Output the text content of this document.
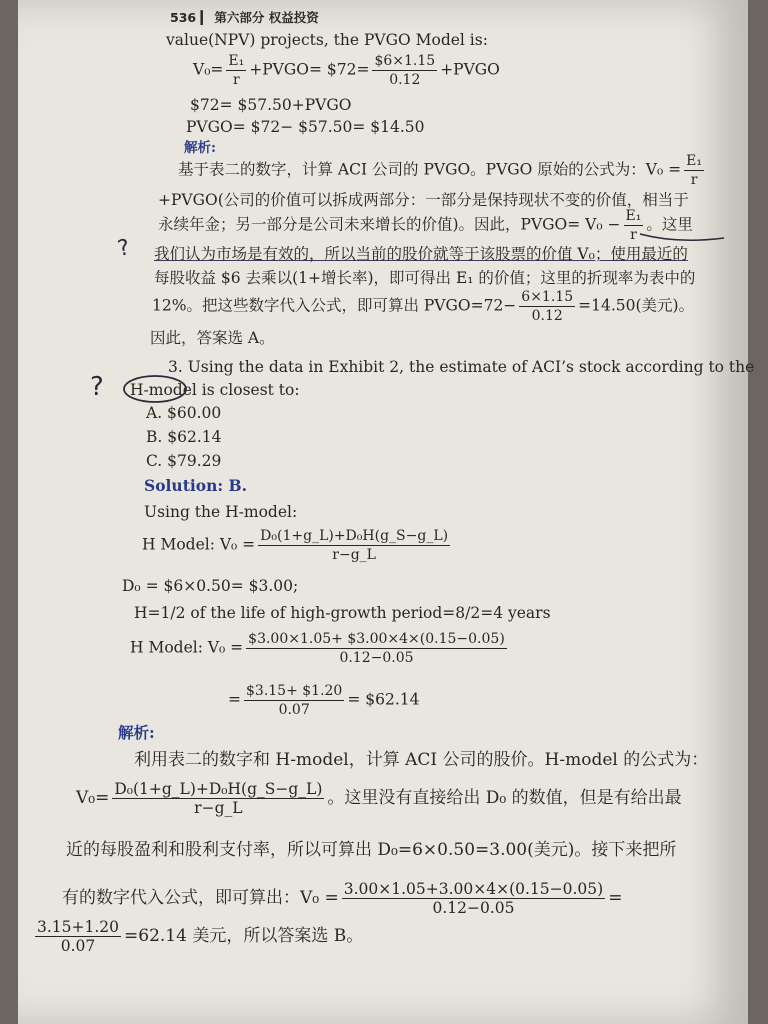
536 ▎ 第六部分 权益投资
value(NPV) projects, the PVGO Model is:
$V_0= \frac{\text{E₁}}{r}$ +PVGO= $72= $\frac{\$6\times 1.15}{0.12}$ +PVGO
$72= $57.50+PVGO
PVGO= $72− $57.50= $14.50
解析:
基于表二的数字，计算 ACI 公司的 PVGO。PVGO 原始的公式为：$V_0 = \frac{\text{E₁}}{r}$
+PVGO(公司的价值可以拆成两部分：一部分是保持现状不变的价值，相当于
永续年金；另一部分是公司未来增长的价值)。因此，PVGO= $V_0 - \frac{\text{E₁}}{r}$ 。这里
我们认为市场是有效的，所以当前的股价就等于该股票的价值 V₀；使用最近的
每股收益 $6 去乘以(1+增长率)，即可得出 E₁ 的价值；这里的折现率为表中的
12%。把这些数字代入公式，即可算出 PVGO=72− $\frac{6\times 1.15}{0.12} =14.50$(美元)。
因此，答案选 A。
3. Using the data in Exhibit 2, the estimate of ACI’s stock according to the
H-model is closest to:
A. $60.00
B. $62.14
C. $79.29
Solution: B.
Using the H-model:
H Model: $V_0 = \frac{\text{D₀(1+g\_L)+D₀H(g\_S−g\_L)}}{r-g\_L}$
D₀ = $6×0.50= $3.00;
H=1/2 of the life of high-growth period=8/2=4 years
H Model: $V_0 = \frac{\$3.00\times 1.05+ \$3.00\times 4\times(0.15-0.05)}{0.12-0.05}$
= $\frac{\$3.15+ \$1.20}{0.07}$ = $62.14
解析:
利用表二的数字和 H-model，计算 ACI 公司的股价。H-model 的公式为：
$V_0= \frac{\text{D₀(1+g\_L)+D₀H(g\_S−g\_L)}}{r-g\_L}$ 。这里没有直接给出 D₀ 的数值，但是有给出最
近的每股盈利和股利支付率，所以可算出 D₀=6×0.50=3.00(美元)。接下来把所
有的数字代入公式，即可算出：$V_0 = \frac{3.00\times 1.05+3.00\times 4\times(0.15-0.05)}{0.12-0.05}$ =
$\frac{3.15+1.20}{0.07} =62.14$ 美元，所以答案选 B。
?
?
